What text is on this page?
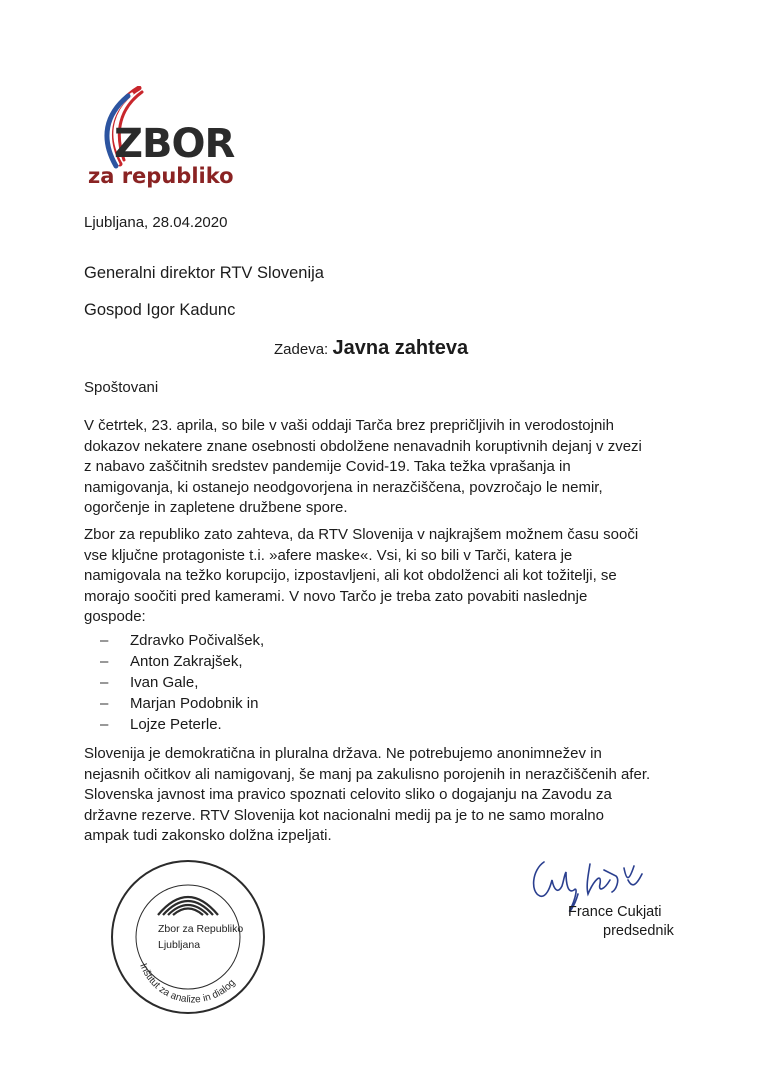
ZBOR
za republiko
Ljubljana, 28.04.2020
Generalni direktor RTV Slovenija
Gospod Igor Kadunc
Zadeva: Javna zahteva
Spoštovani
V četrtek, 23. aprila, so bile v vaši oddaji Tarča brez prepričljivih in verodostojnih
dokazov nekatere znane osebnosti obdolžene nenavadnih koruptivnih dejanj v zvezi
z nabavo zaščitnih sredstev pandemije Covid-19. Taka težka vprašanja in
namigovanja, ki ostanejo neodgovorjena in nerazčiščena, povzročajo le nemir,
ogorčenje in zapletene družbene spore.
Zbor za republiko zato zahteva, da RTV Slovenija v najkrajšem možnem času sooči
vse ključne protagoniste t.i. »afere maske«. Vsi, ki so bili v Tarči, katera je
namigovala na težko korupcijo, izpostavljeni, ali kot obdolženci ali kot tožitelji, se
morajo soočiti pred kamerami. V novo Tarčo je treba zato povabiti naslednje
gospode:
– Zdravko Počivalšek,
– Anton Zakrajšek,
– Ivan Gale,
– Marjan Podobnik in
– Lojze Peterle.
Slovenija je demokratična in pluralna država. Ne potrebujemo anonimnežev in
nejasnih očitkov ali namigovanj, še manj pa zakulisno porojenih in nerazčiščenih afer.
Slovenska javnost ima pravico spoznati celovito sliko o dogajanju na Zavodu za
državne rezerve. RTV Slovenija kot nacionalni medij pa je to ne samo moralno
ampak tudi zakonsko dolžna izpeljati.
Inštitut za analize in dialog
Zbor za Republiko
Ljubljana
France Cukjati
predsednik
